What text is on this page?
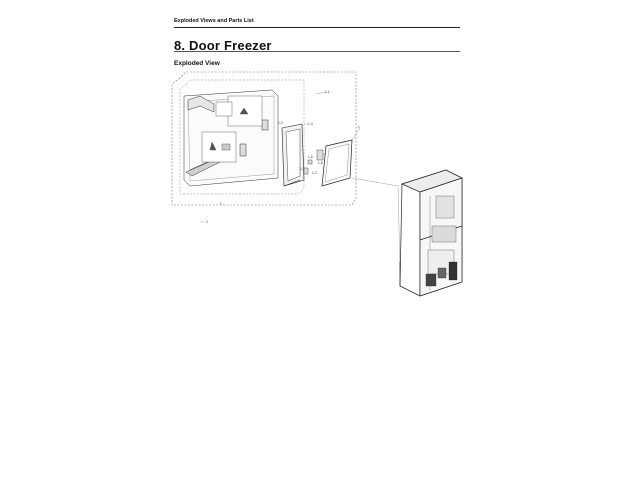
Exploded Views and Parts List
8. Door Freezer
Exploded View
1-1
1
1-4
1-3
1-6
1-2
1-7
1-5
1
2
